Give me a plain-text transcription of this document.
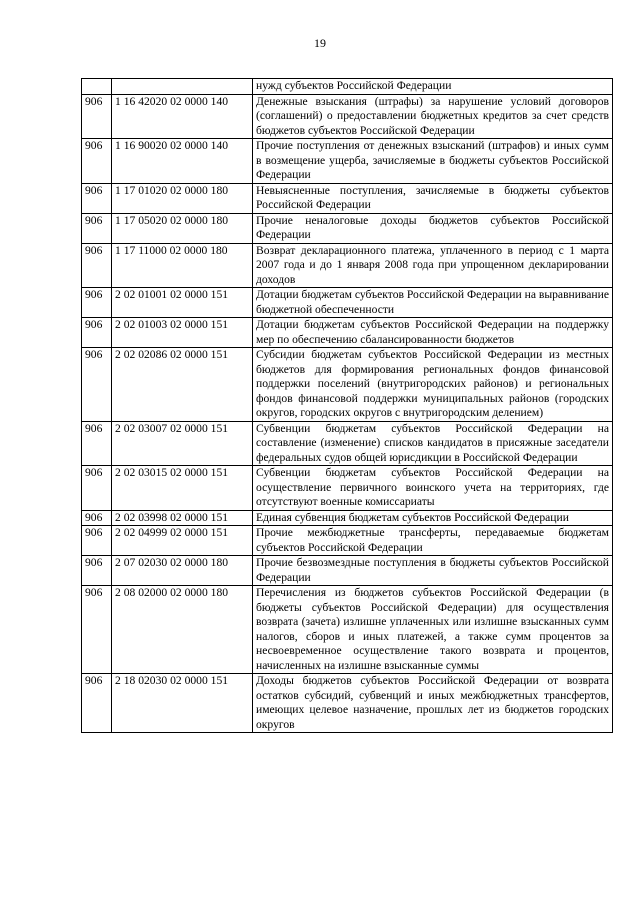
19
		нужд субъектов Российской Федерации
906	1 16 42020 02 0000 140	Денежные взыскания (штрафы) за нарушение условий договоров (соглашений) о предоставлении бюджетных кредитов за счет средств бюджетов субъектов Российской Федерации
906	1 16 90020 02 0000 140	Прочие поступления от денежных взысканий (штрафов) и иных сумм в возмещение ущерба, зачисляемые в бюджеты субъектов Российской Федерации
906	1 17 01020 02 0000 180	Невыясненные поступления, зачисляемые в бюджеты субъектов Российской Федерации
906	1 17 05020 02 0000 180	Прочие неналоговые доходы бюджетов субъектов Российской Федерации
906	1 17 11000 02 0000 180	Возврат декларационного платежа, уплаченного в период с 1 марта 2007 года и до 1 января 2008 года при упрощенном декларировании доходов
906	2 02 01001 02 0000 151	Дотации бюджетам субъектов Российской Федерации на выравнивание бюджетной обеспеченности
906	2 02 01003 02 0000 151	Дотации бюджетам субъектов Российской Федерации на поддержку мер по обеспечению сбалансированности бюджетов
906	2 02 02086 02 0000 151	Субсидии бюджетам субъектов Российской Федерации из местных бюджетов для формирования региональных фондов финансовой поддержки поселений (внутригородских районов) и региональных фондов финансовой поддержки муниципальных районов (городских округов, городских округов с внутригородским делением)
906	2 02 03007 02 0000 151	Субвенции бюджетам субъектов Российской Федерации на составление (изменение) списков кандидатов в присяжные заседатели федеральных судов общей юрисдикции в Российской Федерации
906	2 02 03015 02 0000 151	Субвенции бюджетам субъектов Российской Федерации на осуществление первичного воинского учета на территориях, где отсутствуют военные комиссариаты
906	2 02 03998 02 0000 151	Единая субвенция бюджетам субъектов Российской Федерации
906	2 02 04999 02 0000 151	Прочие межбюджетные трансферты, передаваемые бюджетам субъектов Российской Федерации
906	2 07 02030 02 0000 180	Прочие безвозмездные поступления в бюджеты субъектов Российской Федерации
906	2 08 02000 02 0000 180	Перечисления из бюджетов субъектов Российской Федерации (в бюджеты субъектов Российской Федерации) для осуществления возврата (зачета) излишне уплаченных или излишне взысканных сумм налогов, сборов и иных платежей, а также сумм процентов за несвоевременное осуществление такого возврата и процентов, начисленных на излишне взысканные суммы
906	2 18 02030 02 0000 151	Доходы бюджетов субъектов Российской Федерации от возврата остатков субсидий, субвенций и иных межбюджетных трансфертов, имеющих целевое назначение, прошлых лет из бюджетов городских округов
